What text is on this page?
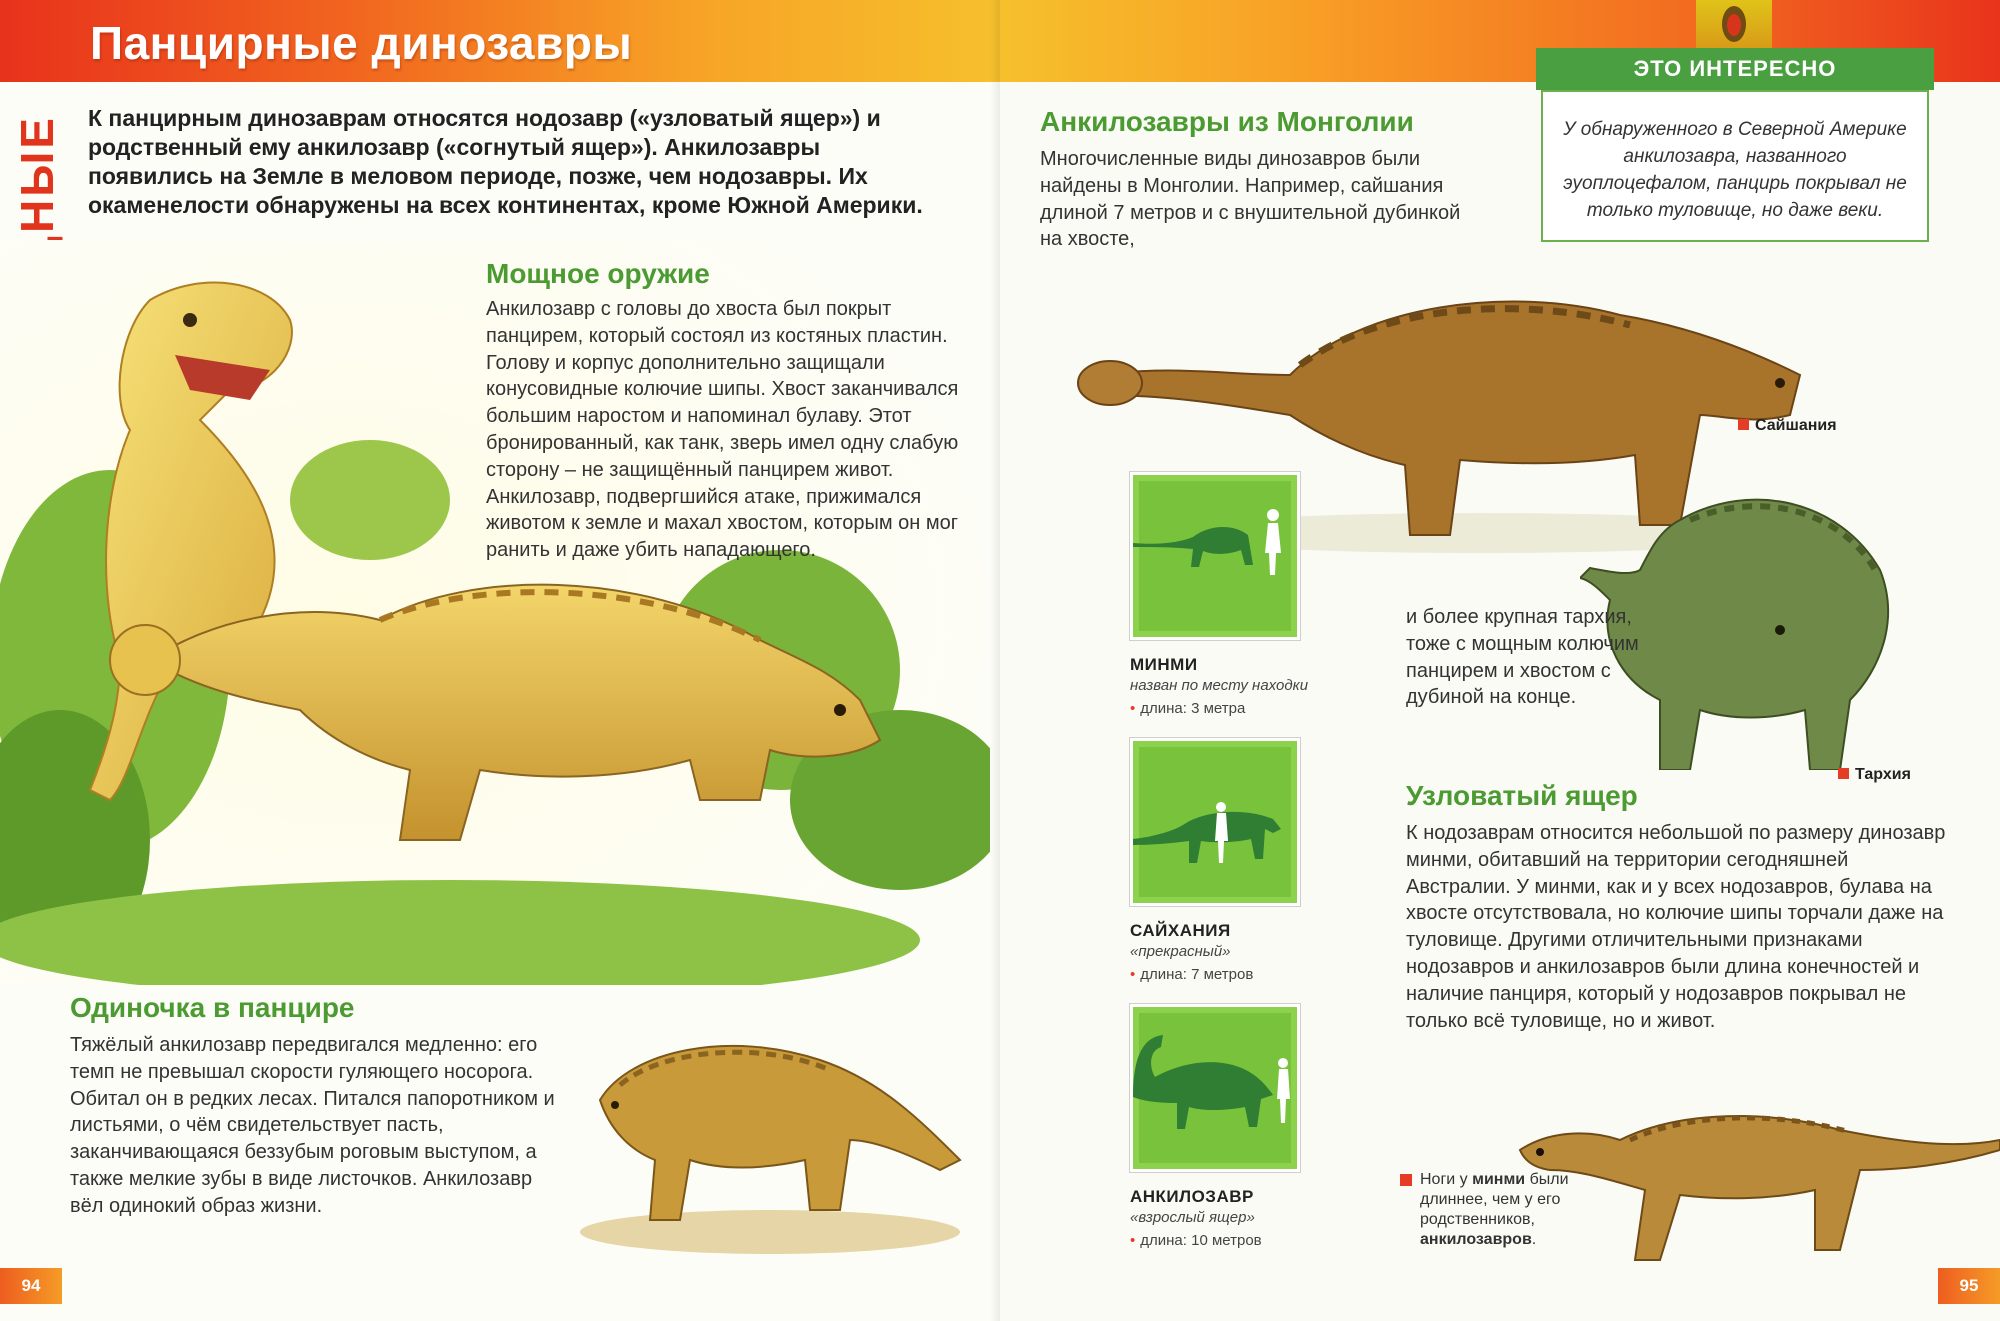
Панцирные динозавры
К панцирным динозаврам относятся нодозавр («узловатый ящер») и родственный ему анкилозавр («согнутый ящер»). Анкилозавры появились на Земле в меловом периоде, позже, чем нодозавры. Их окаменелости обнаружены на всех континентах, кроме Южной Америки.
Мощное оружие
Анкилозавр с головы до хвоста был покрыт панцирем, который состоял из костяных пластин. Голову и корпус дополнительно защищали конусовидные колючие шипы. Хвост заканчивался большим наростом и напоминал булаву. Этот бронированный, как танк, зверь имел одну слабую сторону – не защищённый панцирем живот. Анкилозавр, подвергшийся атаке, прижимался животом к земле и махал хвостом, которым он мог ранить и даже убить нападающего.
Одиночка в панцире
Тяжёлый анкилозавр передвигался медленно: его темп не превышал скорости гуляющего носорога. Обитал он в редких лесах. Питался папоротником и листьями, о чём свидетельствует пасть, заканчивающаяся беззубым роговым выступом, а также мелкие зубы в виде листочков. Анкилозавр вёл одинокий образ жизни.
94
ЭТО ИНТЕРЕСНО
У обнаруженного в Северной Америке анкилозавра, названного эуоплоцефалом, панцирь покрывал не только туловище, но даже веки.
Анкилозавры из Монголии
Многочисленные виды динозавров были найдены в Монголии. Например, сайшания длиной 7 метров и с внушительной дубинкой на хвосте,
Сайшания
Тархия
и более крупная тархия, тоже с мощным колючим панцирем и хвостом с дубиной на конце.
МИНМИ
назван по месту находки
• длина: 3 метра
САЙХАНИЯ
«прекрасный»
• длина: 7 метров
АНКИЛОЗАВР
«взрослый ящер»
• длина: 10 метров
Узловатый ящер
К нодозаврам относится небольшой по размеру динозавр минми, обитавший на территории сегодняшней Австралии. У минми, как и у всех нодозавров, булава на хвосте отсутствовала, но колючие шипы торчали даже на туловище. Другими отличительными признаками нодозавров и анкилозавров были длина конечностей и наличие панциря, который у нодозавров покрывал не только всё туловище, но и живот.
Ноги у минми были длиннее, чем у его родственников, анкилозавров.
95
